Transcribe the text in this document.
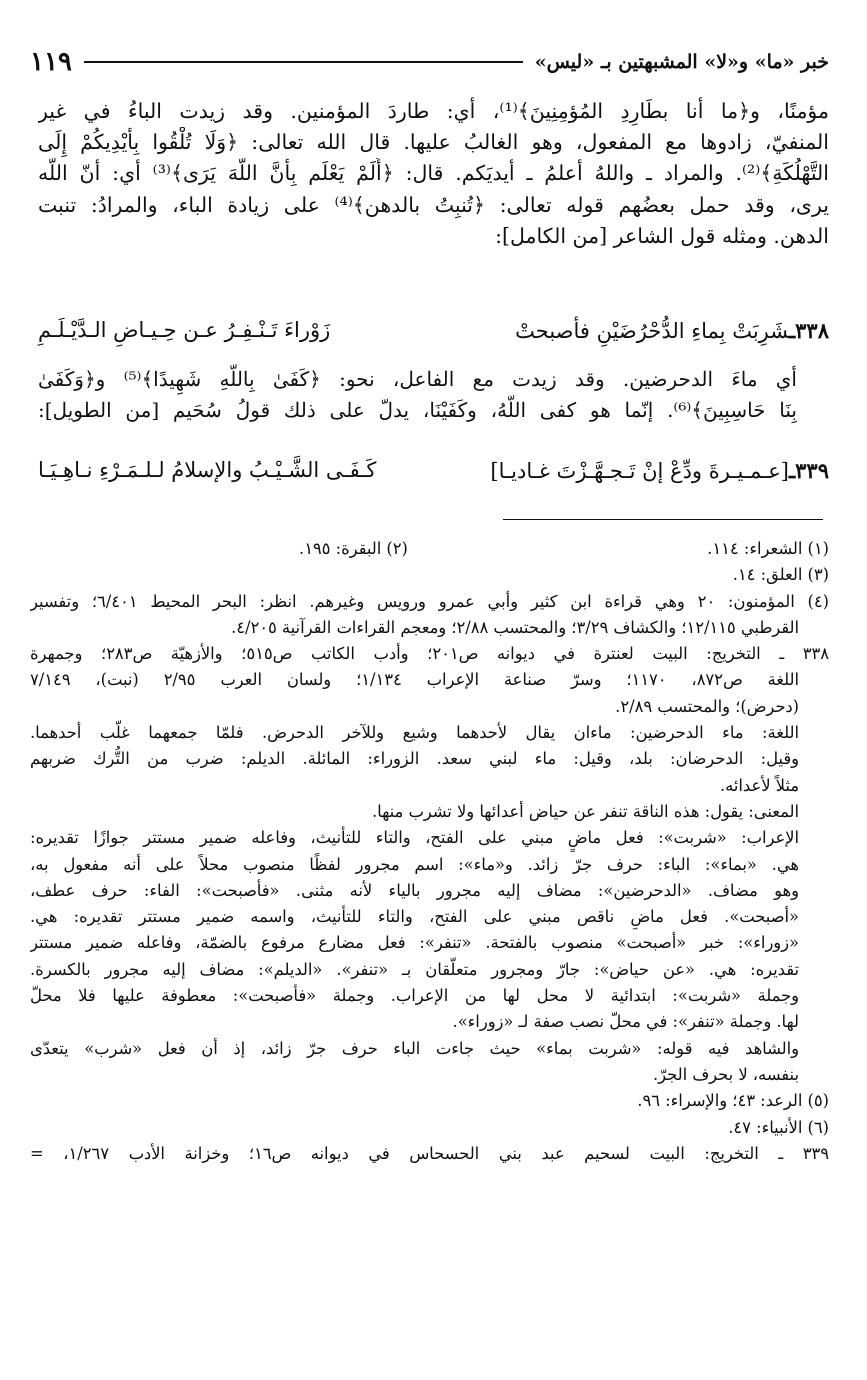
خبر «ما» و«لا» المشبهتين بـ «ليس»
١١٩
مؤمنًا، و﴿ما أنا بطَارِدِ المُؤمِنِينَ﴾⁽¹⁾، أي: طاردَ المؤمنين. وقد زيدت الباءُ في غير
المنفيّ، زادوها مع المفعول، وهو الغالبُ عليها. قال الله تعالى: ﴿وَلَا تُلْقُوا بِأَيْدِيكُمْ إِلَى
التَّهْلُكَةِ﴾⁽²⁾. والمراد ـ واللهُ أعلمُ ـ أيديَكم. قال: ﴿أَلَمْ يَعْلَم بِأَنَّ اللَّهَ يَرَى﴾⁽³⁾ أي: أنّ اللّه
يرى، وقد حمل بعضُهم قوله تعالى: ﴿تُنبِتُ بالدهن﴾⁽⁴⁾ على زيادة الباء، والمرادُ: تنبت
الدهن. ومثله قول الشاعر [من الكامل]:
٣٣٨ـشَرِبَتْ بِماءِ الدُّحْرُضَيْنِ فأصبحتْ
زَوْراءَ تَـنْـفِـرُ عـن حِـيـاضِ الـدَّيْـلَـمِ
أي ماءَ الدحرضين. وقد زيدت مع الفاعل، نحو: ﴿كَفَىٰ بِاللَّهِ شَهِيدًا﴾⁽⁵⁾ و﴿وَكَفَىٰ
بِنَا حَاسِبِينَ﴾⁽⁶⁾. إنّما هو كفى اللّهُ، وكَفَيْنَا، يدلّ على ذلك قولُ سُحَيم [من الطويل]:
٣٣٩ـ[عـمـيـرةَ ودِّعْ إنْ تَـجـهَّـزْتَ غـاديـا]
كَـفَـى الشَّـيْـبُ والإسلامُ لـلـمَـرْءِ نـاهِـيَـا
(١) الشعراء: ١١٤.
(٢) البقرة: ١٩٥.
(٣) العلق: ١٤.
(٤) المؤمنون: ٢٠ وهي قراءة ابن كثير وأبي عمرو ورويس وغيرهم. انظر: البحر المحيط ٦/٤٠١؛ وتفسير
القرطبي ١٢/١١٥؛ والكشاف ٣/٢٩؛ والمحتسب ٢/٨٨؛ ومعجم القراءات القرآنية ٤/٢٠٥.
٣٣٨ ـ التخريج: البيت لعنترة في ديوانه ص٢٠١؛ وأدب الكاتب ص٥١٥؛ والأزهيّة ص٢٨٣؛ وجمهرة
اللغة ص٨٧٢، ١١٧٠؛ وسرّ صناعة الإعراب ١/١٣٤؛ ولسان العرب ٢/٩٥ (نبت)، ٧/١٤٩
(دحرض)؛ والمحتسب ٢/٨٩.
اللغة: ماء الدحرضين: ماءان يقال لأحدهما وشيع وللآخر الدحرض. فلمّا جمعهما غلَّب أحدهما.
وقيل: الدحرضان: بلد، وقيل: ماء لبني سعد. الزوراء: المائلة. الديلم: ضرب من التُّرك ضربهم
مثلاً لأعدائه.
المعنى: يقول: هذه الناقة تنفر عن حياض أعدائها ولا تشرب منها.
الإعراب: «شربت»: فعل ماضٍ مبني على الفتح، والتاء للتأنيث، وفاعله ضمير مستتر جوازًا تقديره:
هي. «بماء»: الباء: حرف جرّ زائد. و«ماء»: اسم مجرور لفظًا منصوب محلاً على أنه مفعول به،
وهو مضاف. «الدحرضين»: مضاف إليه مجرور بالياء لأنه مثنى. «فأصبحت»: الفاء: حرف عطف،
«أصبحت». فعل ماضٍ ناقص مبني على الفتح، والتاء للتأنيث، واسمه ضمير مستتر تقديره: هي.
«زوراء»: خبر «أصبحت» منصوب بالفتحة. «تنفر»: فعل مضارع مرفوع بالضمّة، وفاعله ضمير مستتر
تقديره: هي. «عن حياض»: جارّ ومجرور متعلّقان بـ «تنفر». «الديلم»: مضاف إليه مجرور بالكسرة.
وجملة «شربت»: ابتدائية لا محل لها من الإعراب. وجملة «فأصبحت»: معطوفة عليها فلا محلّ
لها. وجملة «تنفر»: في محلّ نصب صفة لـ «زوراء».
والشاهد فيه قوله: «شربت بماء» حيث جاءت الباء حرف جرّ زائد، إذ أن فعل «شرب» يتعدّى
بنفسه، لا بحرف الجرّ.
(٥) الرعد: ٤٣؛ والإسراء: ٩٦.
(٦) الأنبياء: ٤٧.
٣٣٩ ـ التخريج: البيت لسحيم عبد بني الحسحاس في ديوانه ص١٦؛ وخزانة الأدب ١/٢٦٧، =
